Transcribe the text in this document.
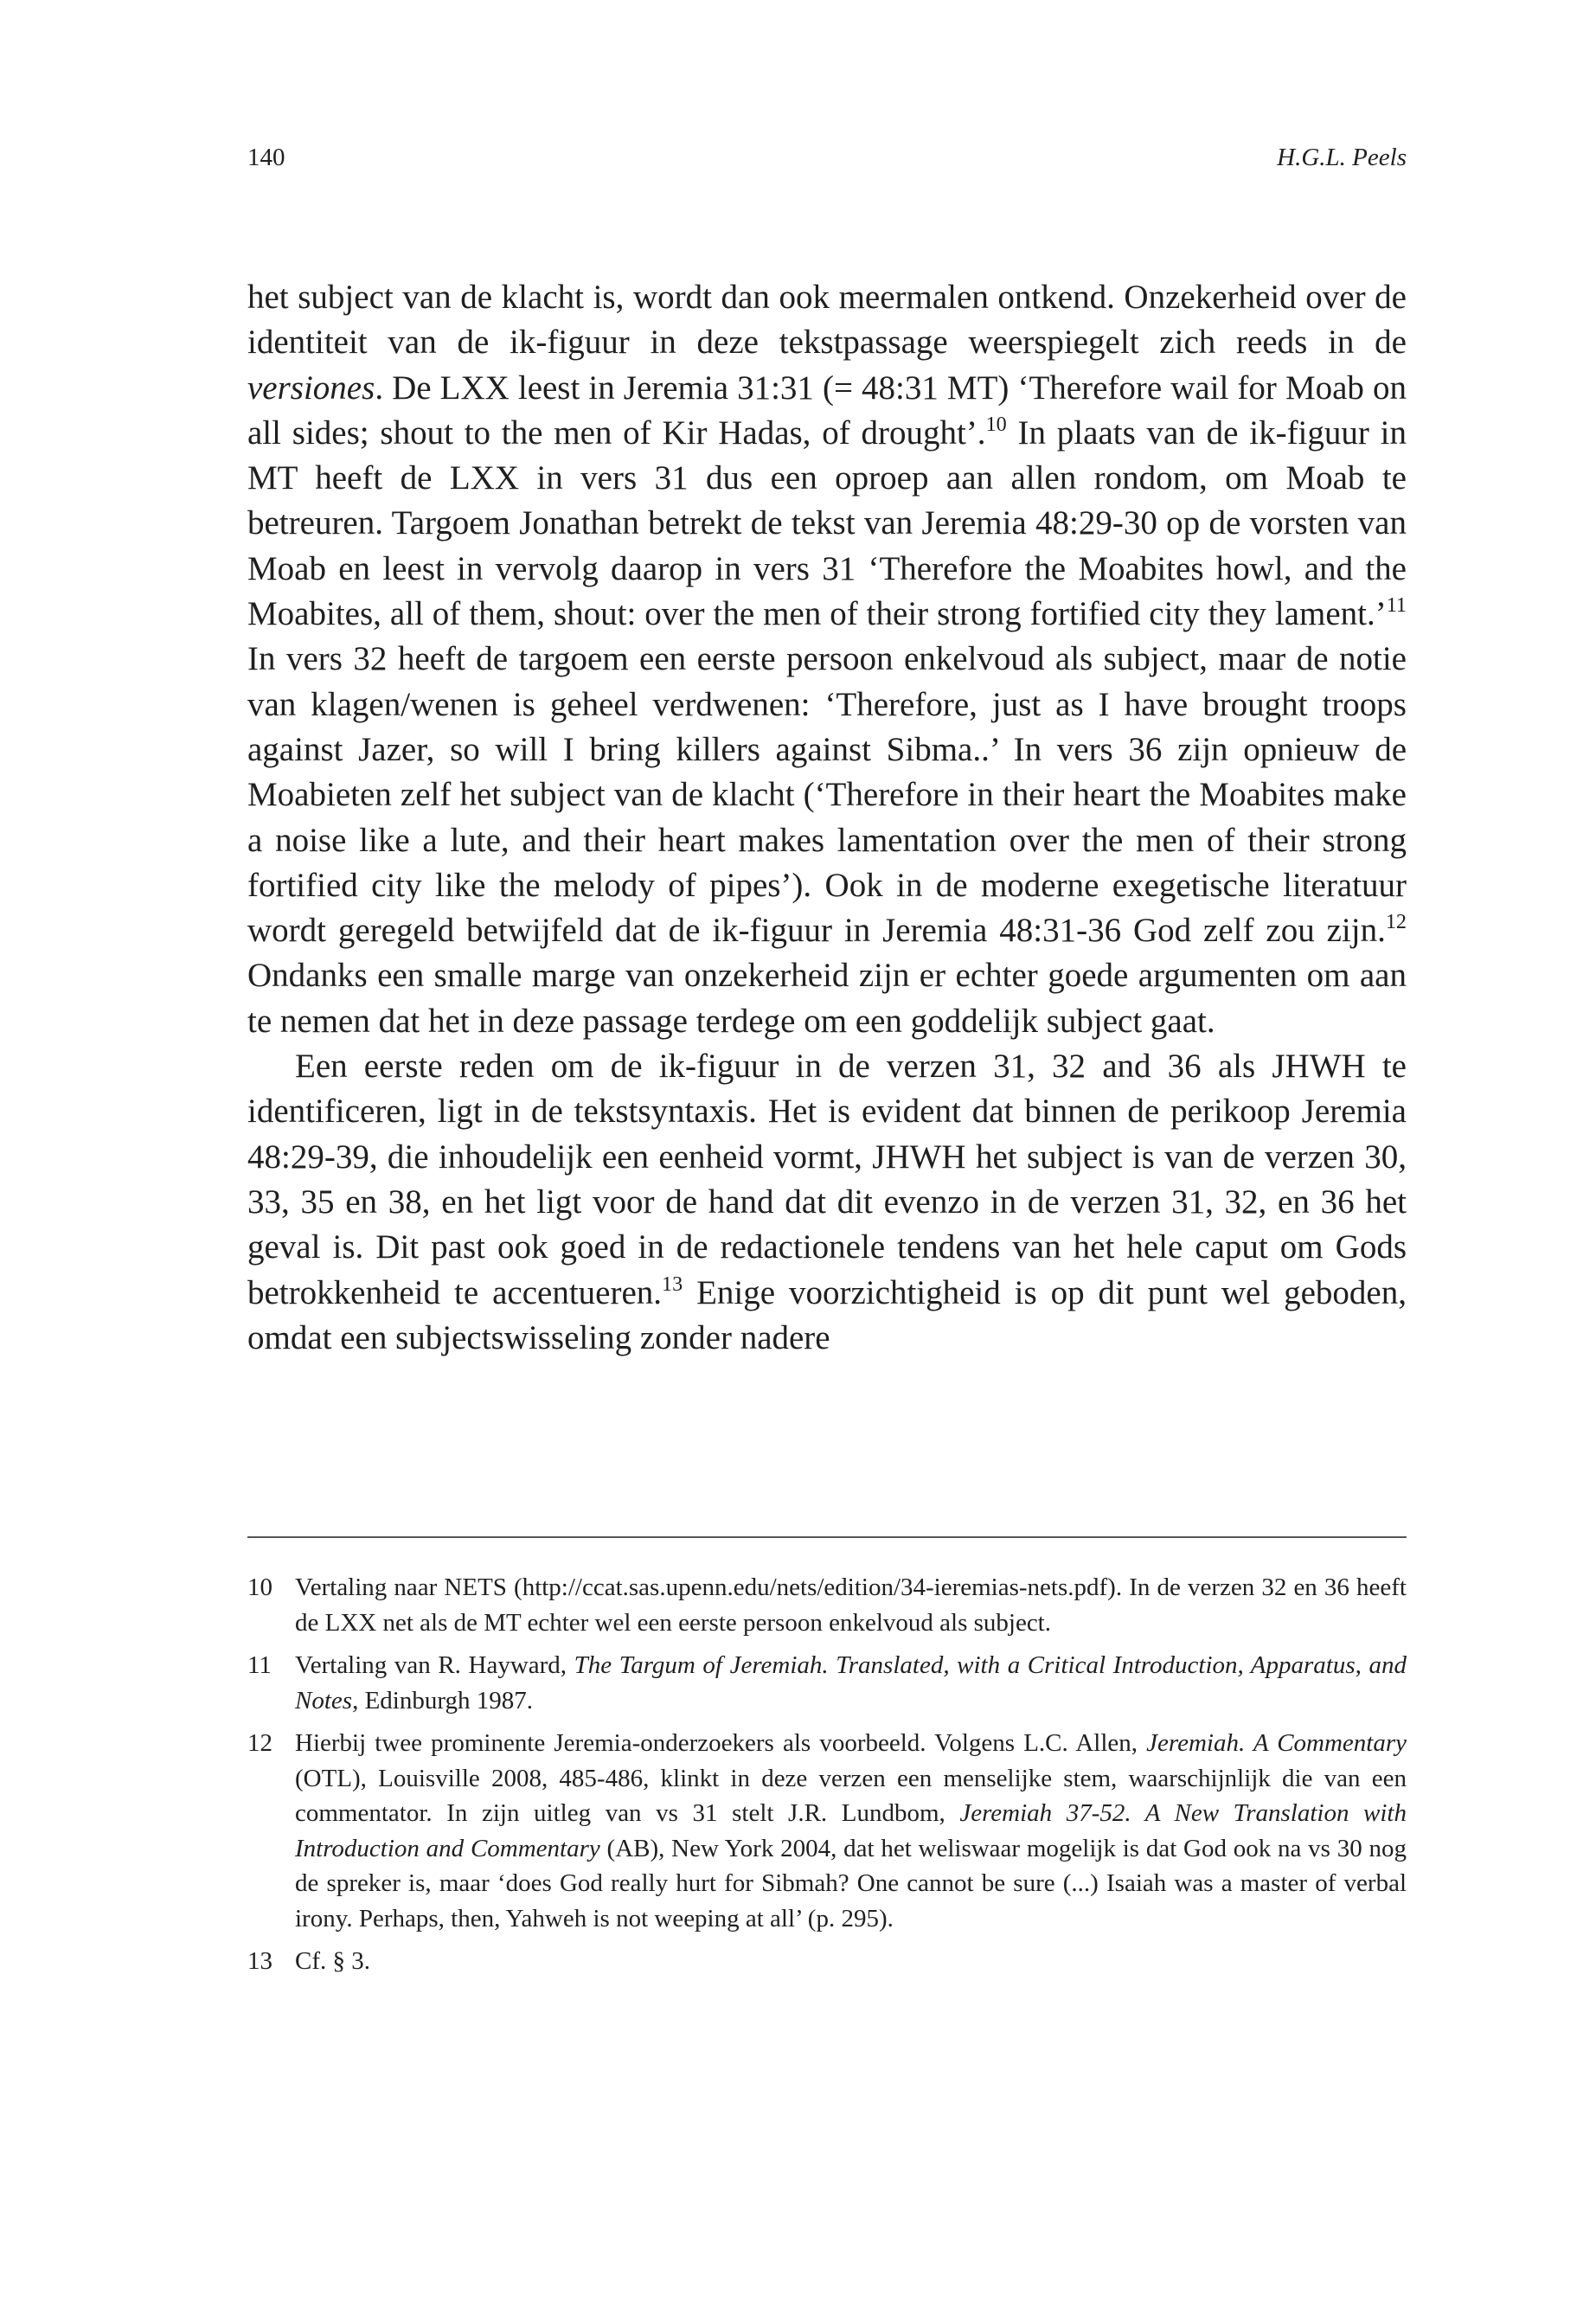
140	H.G.L. Peels

het subject van de klacht is, wordt dan ook meermalen ontkend. Onzekerheid over de identiteit van de ik-figuur in deze tekstpassage weerspiegelt zich reeds in de versiones. De LXX leest in Jeremia 31:31 (= 48:31 MT) ‘Therefore wail for Moab on all sides; shout to the men of Kir Hadas, of drought’.$^{10}$ In plaats van de ik-figuur in MT heeft de LXX in vers 31 dus een oproep aan allen rondom, om Moab te betreuren. Targoem Jonathan betrekt de tekst van Jeremia 48:29-30 op de vorsten van Moab en leest in vervolg daarop in vers 31 ‘Therefore the Moabites howl, and the Moabites, all of them, shout: over the men of their strong fortified city they lament.’$^{11}$ In vers 32 heeft de targoem een eerste persoon enkelvoud als subject, maar de notie van klagen/wenen is geheel verdwenen: ‘Therefore, just as I have brought troops against Jazer, so will I bring killers against Sibma..’ In vers 36 zijn opnieuw de Moabieten zelf het subject van de klacht (‘Therefore in their heart the Moabites make a noise like a lute, and their heart makes lamentation over the men of their strong fortified city like the melody of pipes’). Ook in de moderne exegetische literatuur wordt geregeld betwijfeld dat de ik-figuur in Jeremia 48:31-36 God zelf zou zijn.$^{12}$ Ondanks een smalle marge van onzekerheid zijn er echter goede argumenten om aan te nemen dat het in deze passage terdege om een goddelijk subject gaat.

Een eerste reden om de ik-figuur in de verzen 31, 32 and 36 als JHWH te identificeren, ligt in de tekstsyntaxis. Het is evident dat binnen de perikoop Jeremia 48:29-39, die inhoudelijk een eenheid vormt, JHWH het subject is van de verzen 30, 33, 35 en 38, en het ligt voor de hand dat dit evenzo in de verzen 31, 32, en 36 het geval is. Dit past ook goed in de redactionele tendens van het hele caput om Gods betrokkenheid te accentueren.$^{13}$ Enige voorzichtigheid is op dit punt wel geboden, omdat een subjectswisseling zonder nadere

10 Vertaling naar NETS (http://ccat.sas.upenn.edu/nets/edition/34-ieremias-nets.pdf). In de verzen 32 en 36 heeft de LXX net als de MT echter wel een eerste persoon enkelvoud als subject.
11 Vertaling van R. Hayward, The Targum of Jeremiah. Translated, with a Critical Introduction, Apparatus, and Notes, Edinburgh 1987.
12 Hierbij twee prominente Jeremia-onderzoekers als voorbeeld. Volgens L.C. Allen, Jeremiah. A Commentary (OTL), Louisville 2008, 485-486, klinkt in deze verzen een menselijke stem, waarschijnlijk die van een commentator. In zijn uitleg van vs 31 stelt J.R. Lundbom, Jeremiah 37-52. A New Translation with Introduction and Commentary (AB), New York 2004, dat het weliswaar mogelijk is dat God ook na vs 30 nog de spreker is, maar ‘does God really hurt for Sibmah? One cannot be sure (...) Isaiah was a master of verbal irony. Perhaps, then, Yahweh is not weeping at all’ (p. 295).
13 Cf. § 3.
